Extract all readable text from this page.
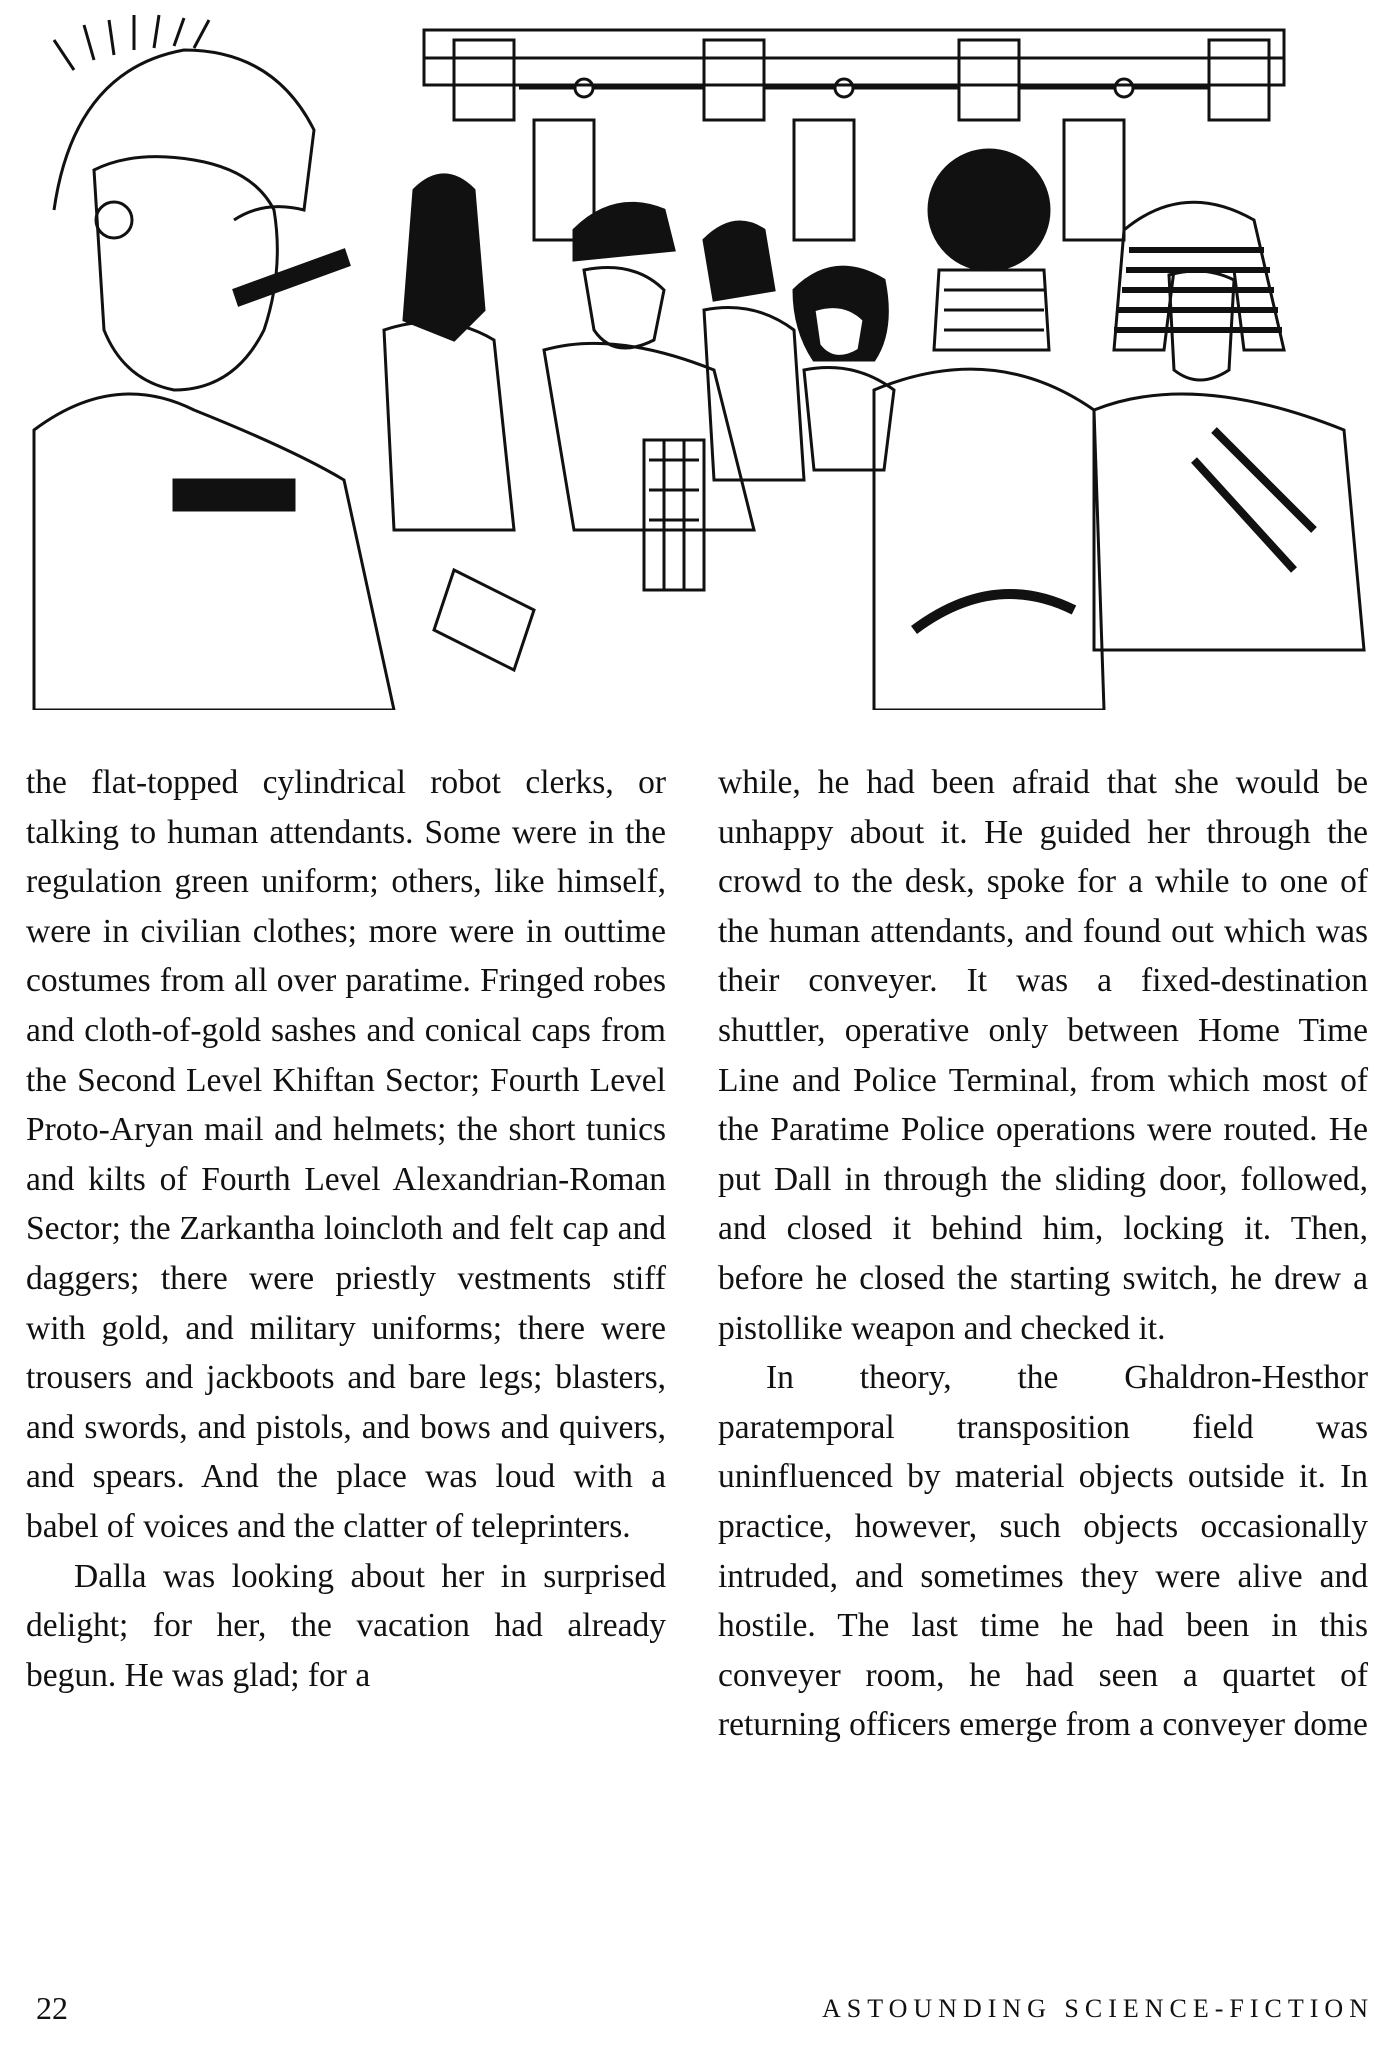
the flat-topped cylindrical robot clerks, or talking to human attendants. Some were in the regulation green uniform; others, like himself, were in civilian clothes; more were in outtime costumes from all over paratime. Fringed robes and cloth-of-gold sashes and conical caps from the Second Level Khiftan Sector; Fourth Level Proto-Aryan mail and helmets; the short tunics and kilts of Fourth Level Alexandrian-Roman Sector; the Zarkantha loincloth and felt cap and daggers; there were priestly vestments stiff with gold, and military uniforms; there were trousers and jackboots and bare legs; blasters, and swords, and pistols, and bows and quivers, and spears. And the place was loud with a babel of voices and the clatter of teleprinters.

Dalla was looking about her in surprised delight; for her, the vacation had already begun. He was glad; for a

while, he had been afraid that she would be unhappy about it. He guided her through the crowd to the desk, spoke for a while to one of the human attendants, and found out which was their conveyer. It was a fixed-destination shuttler, operative only between Home Time Line and Police Terminal, from which most of the Paratime Police operations were routed. He put Dall in through the sliding door, followed, and closed it behind him, locking it. Then, before he closed the starting switch, he drew a pistollike weapon and checked it.

In theory, the Ghaldron-Hesthor paratemporal transposition field was uninfluenced by material objects outside it. In practice, however, such objects occasionally intruded, and sometimes they were alive and hostile. The last time he had been in this conveyer room, he had seen a quartet of returning officers emerge from a conveyer dome

22	ASTOUNDING SCIENCE-FICTION
